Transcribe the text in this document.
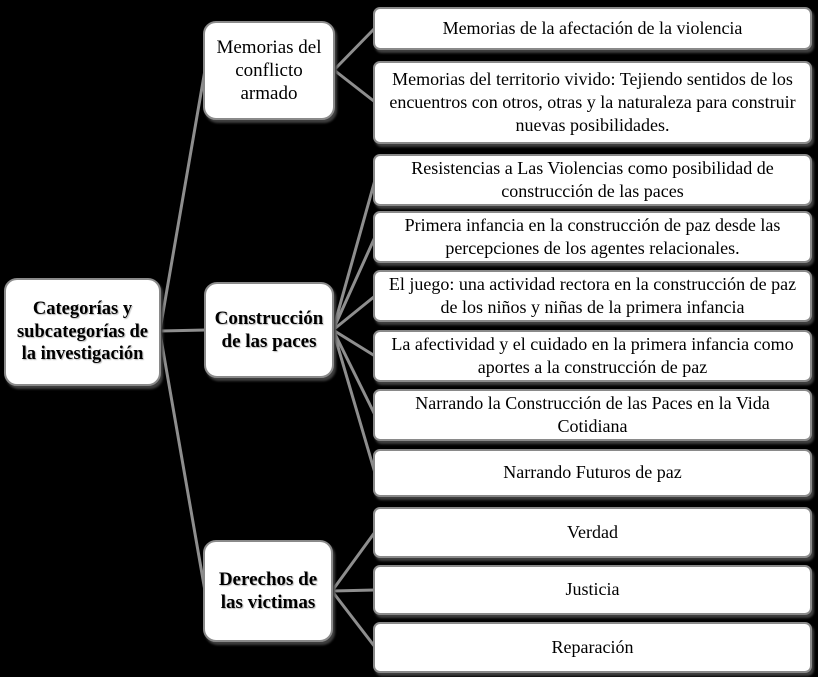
Categorías y subcategorías de la investigación
Memorias del conflicto armado
Construcción de las paces
Derechos de las victimas
Memorias de la afectación de la violencia
Memorias del territorio vivido: Tejiendo sentidos de los encuentros con otros, otras y la naturaleza para construir nuevas posibilidades.
Resistencias a Las Violencias como posibilidad de construcción de las paces
Primera infancia en la construcción de paz desde las percepciones de los agentes relacionales.
El juego: una actividad rectora en la construcción de paz de los niños y niñas de la primera infancia
La afectividad y el cuidado en la primera infancia como aportes a la construcción de paz
Narrando la Construcción de las Paces en la Vida Cotidiana
Narrando Futuros de paz
Verdad
Justicia
Reparación
